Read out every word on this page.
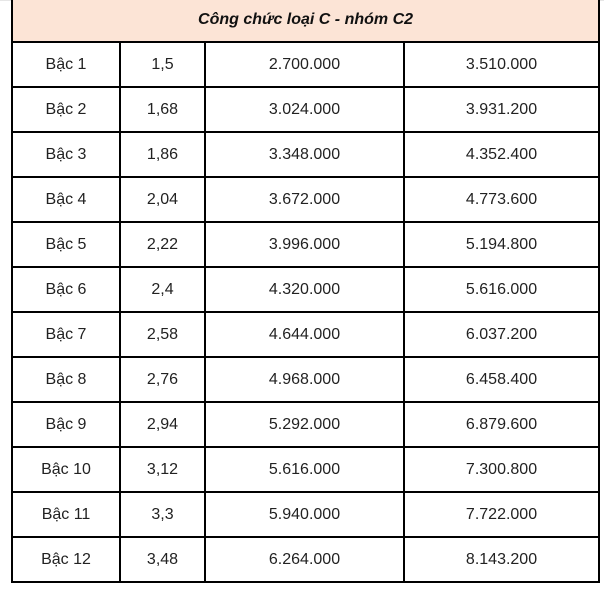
Công chức loại C - nhóm C2			
Bậc 1	1,5	2.700.000	3.510.000
Bậc 2	1,68	3.024.000	3.931.200
Bậc 3	1,86	3.348.000	4.352.400
Bậc 4	2,04	3.672.000	4.773.600
Bậc 5	2,22	3.996.000	5.194.800
Bậc 6	2,4	4.320.000	5.616.000
Bậc 7	2,58	4.644.000	6.037.200
Bậc 8	2,76	4.968.000	6.458.400
Bậc 9	2,94	5.292.000	6.879.600
Bậc 10	3,12	5.616.000	7.300.800
Bậc 11	3,3	5.940.000	7.722.000
Bậc 12	3,48	6.264.000	8.143.200
